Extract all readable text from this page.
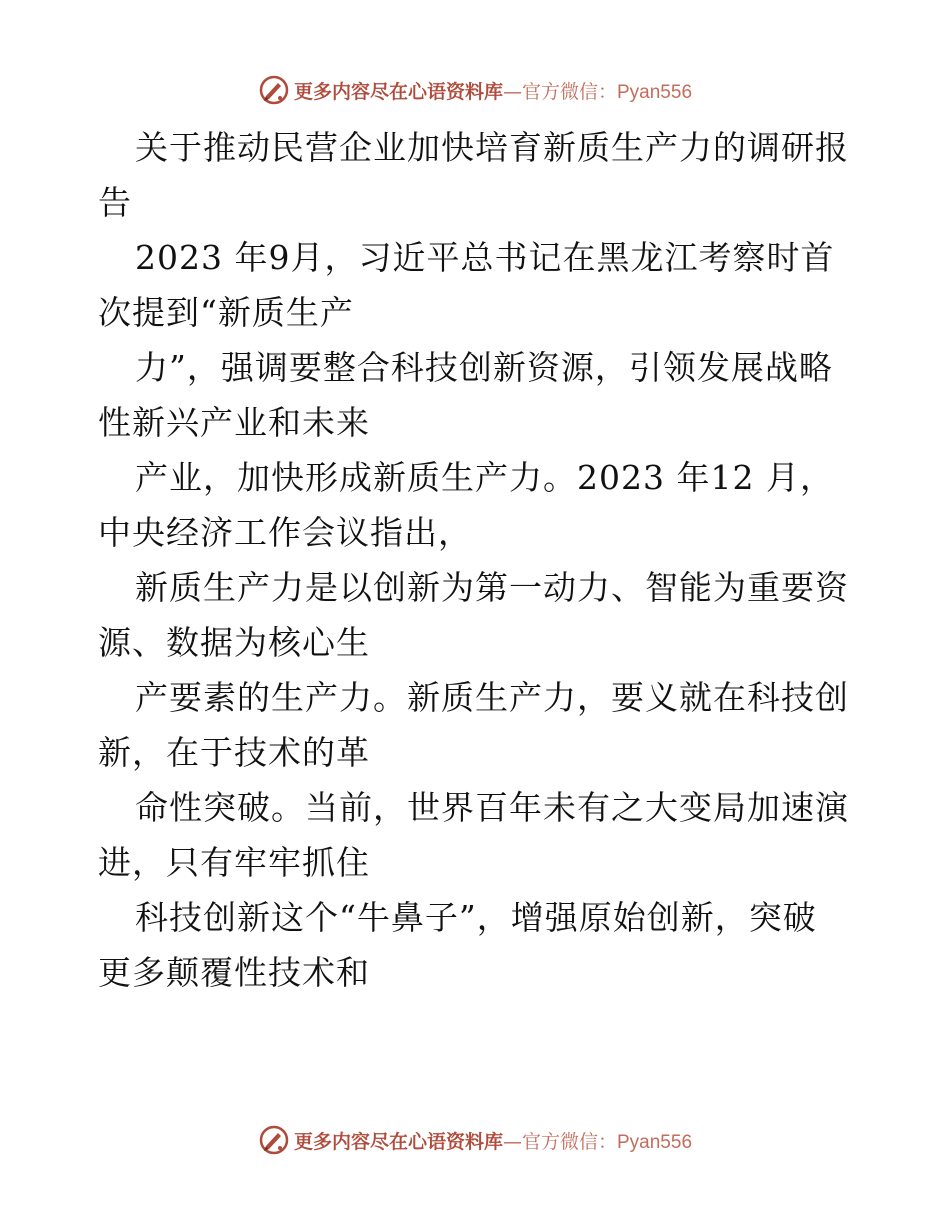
更多内容尽在心语资料库—官方微信：Pyan556
关于推动民营企业加快培育新质生产力的调研报
告
2023 年9月，习近平总书记在黑龙江考察时首
次提到“新质生产
力”，强调要整合科技创新资源，引领发展战略
性新兴产业和未来
产业，加快形成新质生产力。2023 年12 月，
中央经济工作会议指出，
新质生产力是以创新为第一动力、智能为重要资
源、数据为核心生
产要素的生产力。新质生产力，要义就在科技创
新，在于技术的革
命性突破。当前，世界百年未有之大变局加速演
进，只有牢牢抓住
科技创新这个“牛鼻子”，增强原始创新，突破
更多颠覆性技术和
更多内容尽在心语资料库—官方微信：Pyan556
